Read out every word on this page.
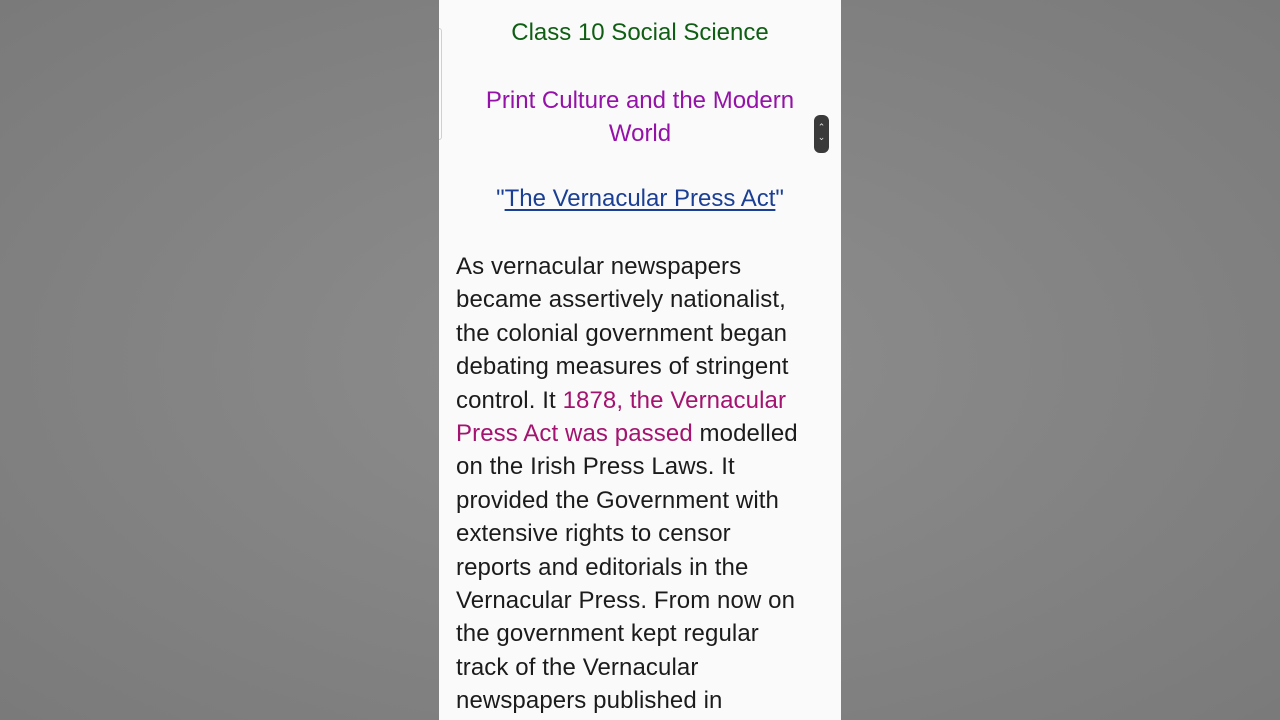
Class 10 Social Science
Print Culture and the Modern
World
"The Vernacular Press Act"
⌃
⌄
As vernacular newspapers
became assertively nationalist,
the colonial government began
debating measures of stringent
control. It 1878, the Vernacular
Press Act was passed modelled
on the Irish Press Laws. It
provided the Government with
extensive rights to censor
reports and editorials in the
Vernacular Press. From now on
the government kept regular
track of the Vernacular
newspapers published in
